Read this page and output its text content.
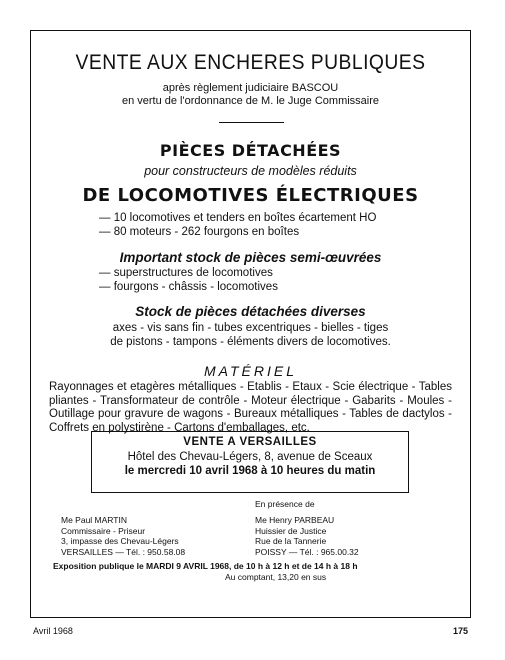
VENTE AUX ENCHERES PUBLIQUES
après règlement judiciaire BASCOU
en vertu de l'ordonnance de M. le Juge Commissaire
PIÈCES DÉTACHÉES
pour constructeurs de modèles réduits
DE LOCOMOTIVES ÉLECTRIQUES
— 10 locomotives et tenders en boîtes écartement HO
— 80 moteurs - 262 fourgons en boîtes
Important stock de pièces semi-œuvrées
— superstructures de locomotives
— fourgons - châssis - locomotives
Stock de pièces détachées diverses
axes - vis sans fin - tubes excentriques - bielles - tiges
de pistons - tampons - éléments divers de locomotives.
MATÉRIEL
Rayonnages et etagères métalliques - Etablis - Etaux - Scie électrique - Tables pliantes - Transformateur de contrôle - Moteur électrique - Gabarits - Moules - Outillage pour gravure de wagons - Bureaux métalliques - Tables de dactylos - Coffrets en polystirène - Cartons d'emballages, etc.
VENTE A VERSAILLES
Hôtel des Chevau-Légers, 8, avenue de Sceaux
le mercredi 10 avril 1968 à 10 heures du matin
En présence de
Me Paul MARTIN
Commissaire - Priseur
3, impasse des Chevau-Légers
VERSAILLES — Tél. : 950.58.08
Me Henry PARBEAU
Huissier de Justice
Rue de la Tannerie
POISSY — Tél. : 965.00.32
Exposition publique le MARDI 9 AVRIL 1968, de 10 h à 12 h et de 14 h à 18 h
Au comptant, 13,20 en sus
Avril 1968	175
